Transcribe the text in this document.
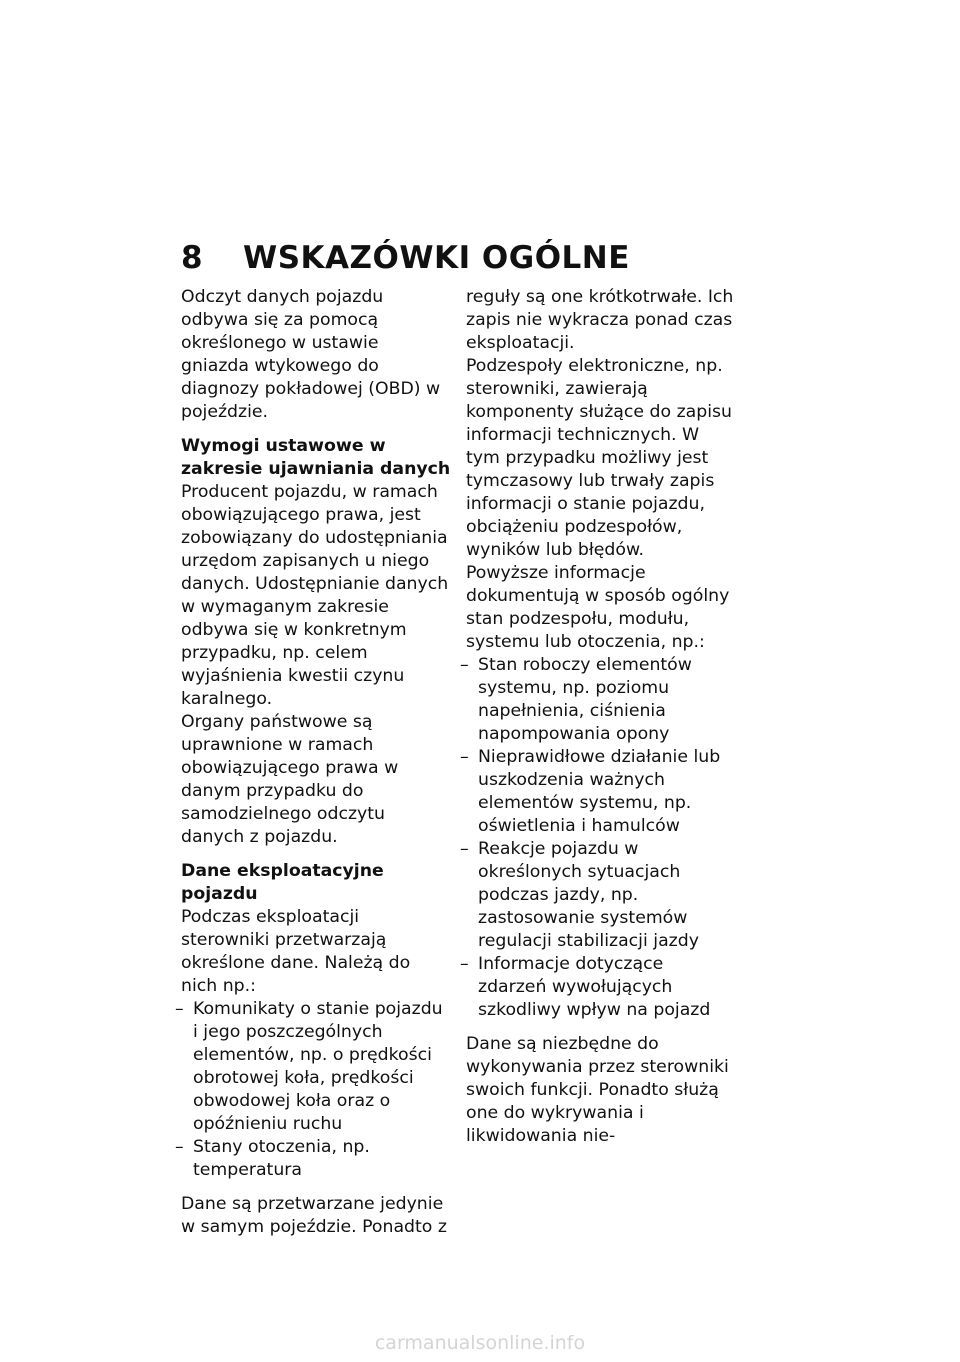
8 WSKAZÓWKI OGÓLNE

Odczyt danych pojazdu odbywa się za pomocą określonego w ustawie gniazda wtykowego do diagnozy pokładowej (OBD) w pojeździe.

Wymogi ustawowe w zakresie ujawniania danych

Producent pojazdu, w ramach obowiązującego prawa, jest zobowiązany do udostępniania urzędom zapisanych u niego danych. Udostępnianie danych w wymaganym zakresie odbywa się w konkretnym przypadku, np. celem wyjaśnienia kwestii czynu karalnego.

Organy państwowe są uprawnione w ramach obowiązującego prawa w danym przypadku do samodzielnego odczytu danych z pojazdu.

Dane eksploatacyjne pojazdu

Podczas eksploatacji sterowniki przetwarzają określone dane. Należą do nich np.:

– Komunikaty o stanie pojazdu i jego poszczególnych elementów, np. o prędkości obrotowej koła, prędkości obwodowej koła oraz o opóźnieniu ruchu
– Stany otoczenia, np. temperatura

Dane są przetwarzane jedynie w samym pojeździe. Ponadto z

reguły są one krótkotrwałe. Ich zapis nie wykracza ponad czas eksploatacji.

Podzespoły elektroniczne, np. sterowniki, zawierają komponenty służące do zapisu informacji technicznych. W tym przypadku możliwy jest tymczasowy lub trwały zapis informacji o stanie pojazdu, obciążeniu podzespołów, wyników lub błędów.

Powyższe informacje dokumentują w sposób ogólny stan podzespołu, modułu, systemu lub otoczenia, np.:

– Stan roboczy elementów systemu, np. poziomu napełnienia, ciśnienia napompowania opony
– Nieprawidłowe działanie lub uszkodzenia ważnych elementów systemu, np. oświetlenia i hamulców
– Reakcje pojazdu w określonych sytuacjach podczas jazdy, np. zastosowanie systemów regulacji stabilizacji jazdy
– Informacje dotyczące zdarzeń wywołujących szkodliwy wpływ na pojazd

Dane są niezbędne do wykonywania przez sterowniki swoich funkcji. Ponadto służą one do wykrywania i likwidowania nie-

carmanualsonline.info
